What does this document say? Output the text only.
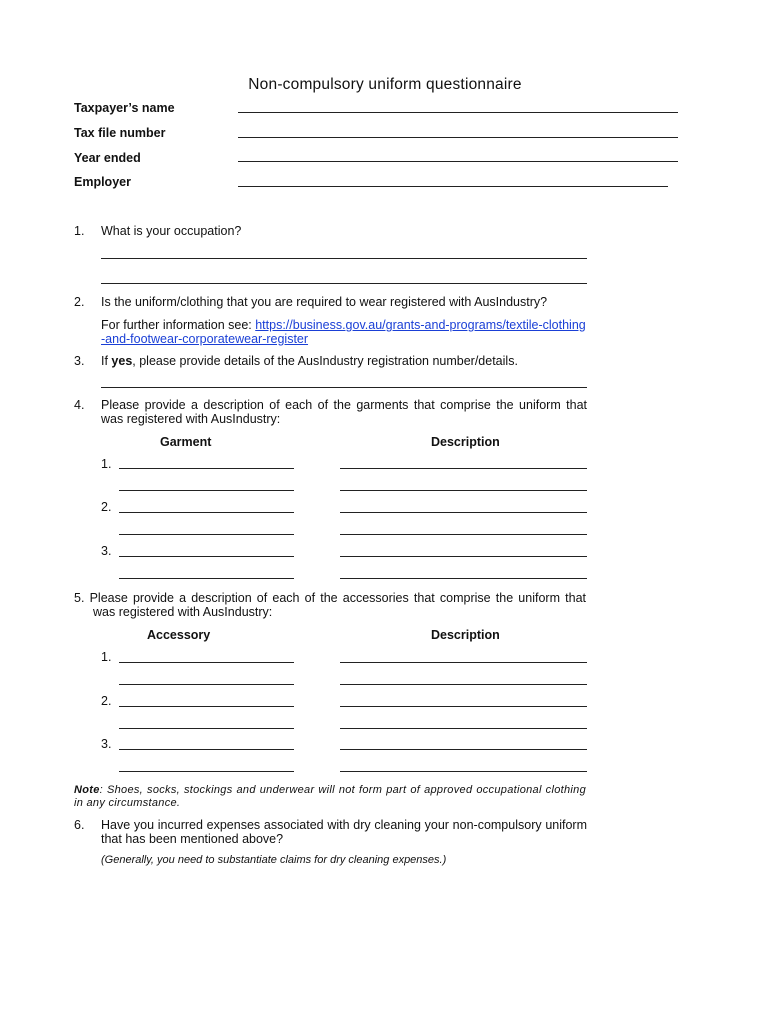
Non-compulsory uniform questionnaire
Taxpayer’s name
Tax file number
Year ended
Employer
1. What is your occupation?
2. Is the uniform/clothing that you are required to wear registered with AusIndustry?
For further information see: https://business.gov.au/grants-and-programs/textile-clothing-and-footwear-corporatewear-register
3. If yes, please provide details of the AusIndustry registration number/details.
4. Please provide a description of each of the garments that comprise the uniform that was registered with AusIndustry:
Garment	Description
1.
2.
3.
5. Please provide a description of each of the accessories that comprise the uniform that was registered with AusIndustry:
Accessory	Description
1.
2.
3.
Note: Shoes, socks, stockings and underwear will not form part of approved occupational clothing in any circumstance.
6. Have you incurred expenses associated with dry cleaning your non-compulsory uniform that has been mentioned above?
(Generally, you need to substantiate claims for dry cleaning expenses.)
